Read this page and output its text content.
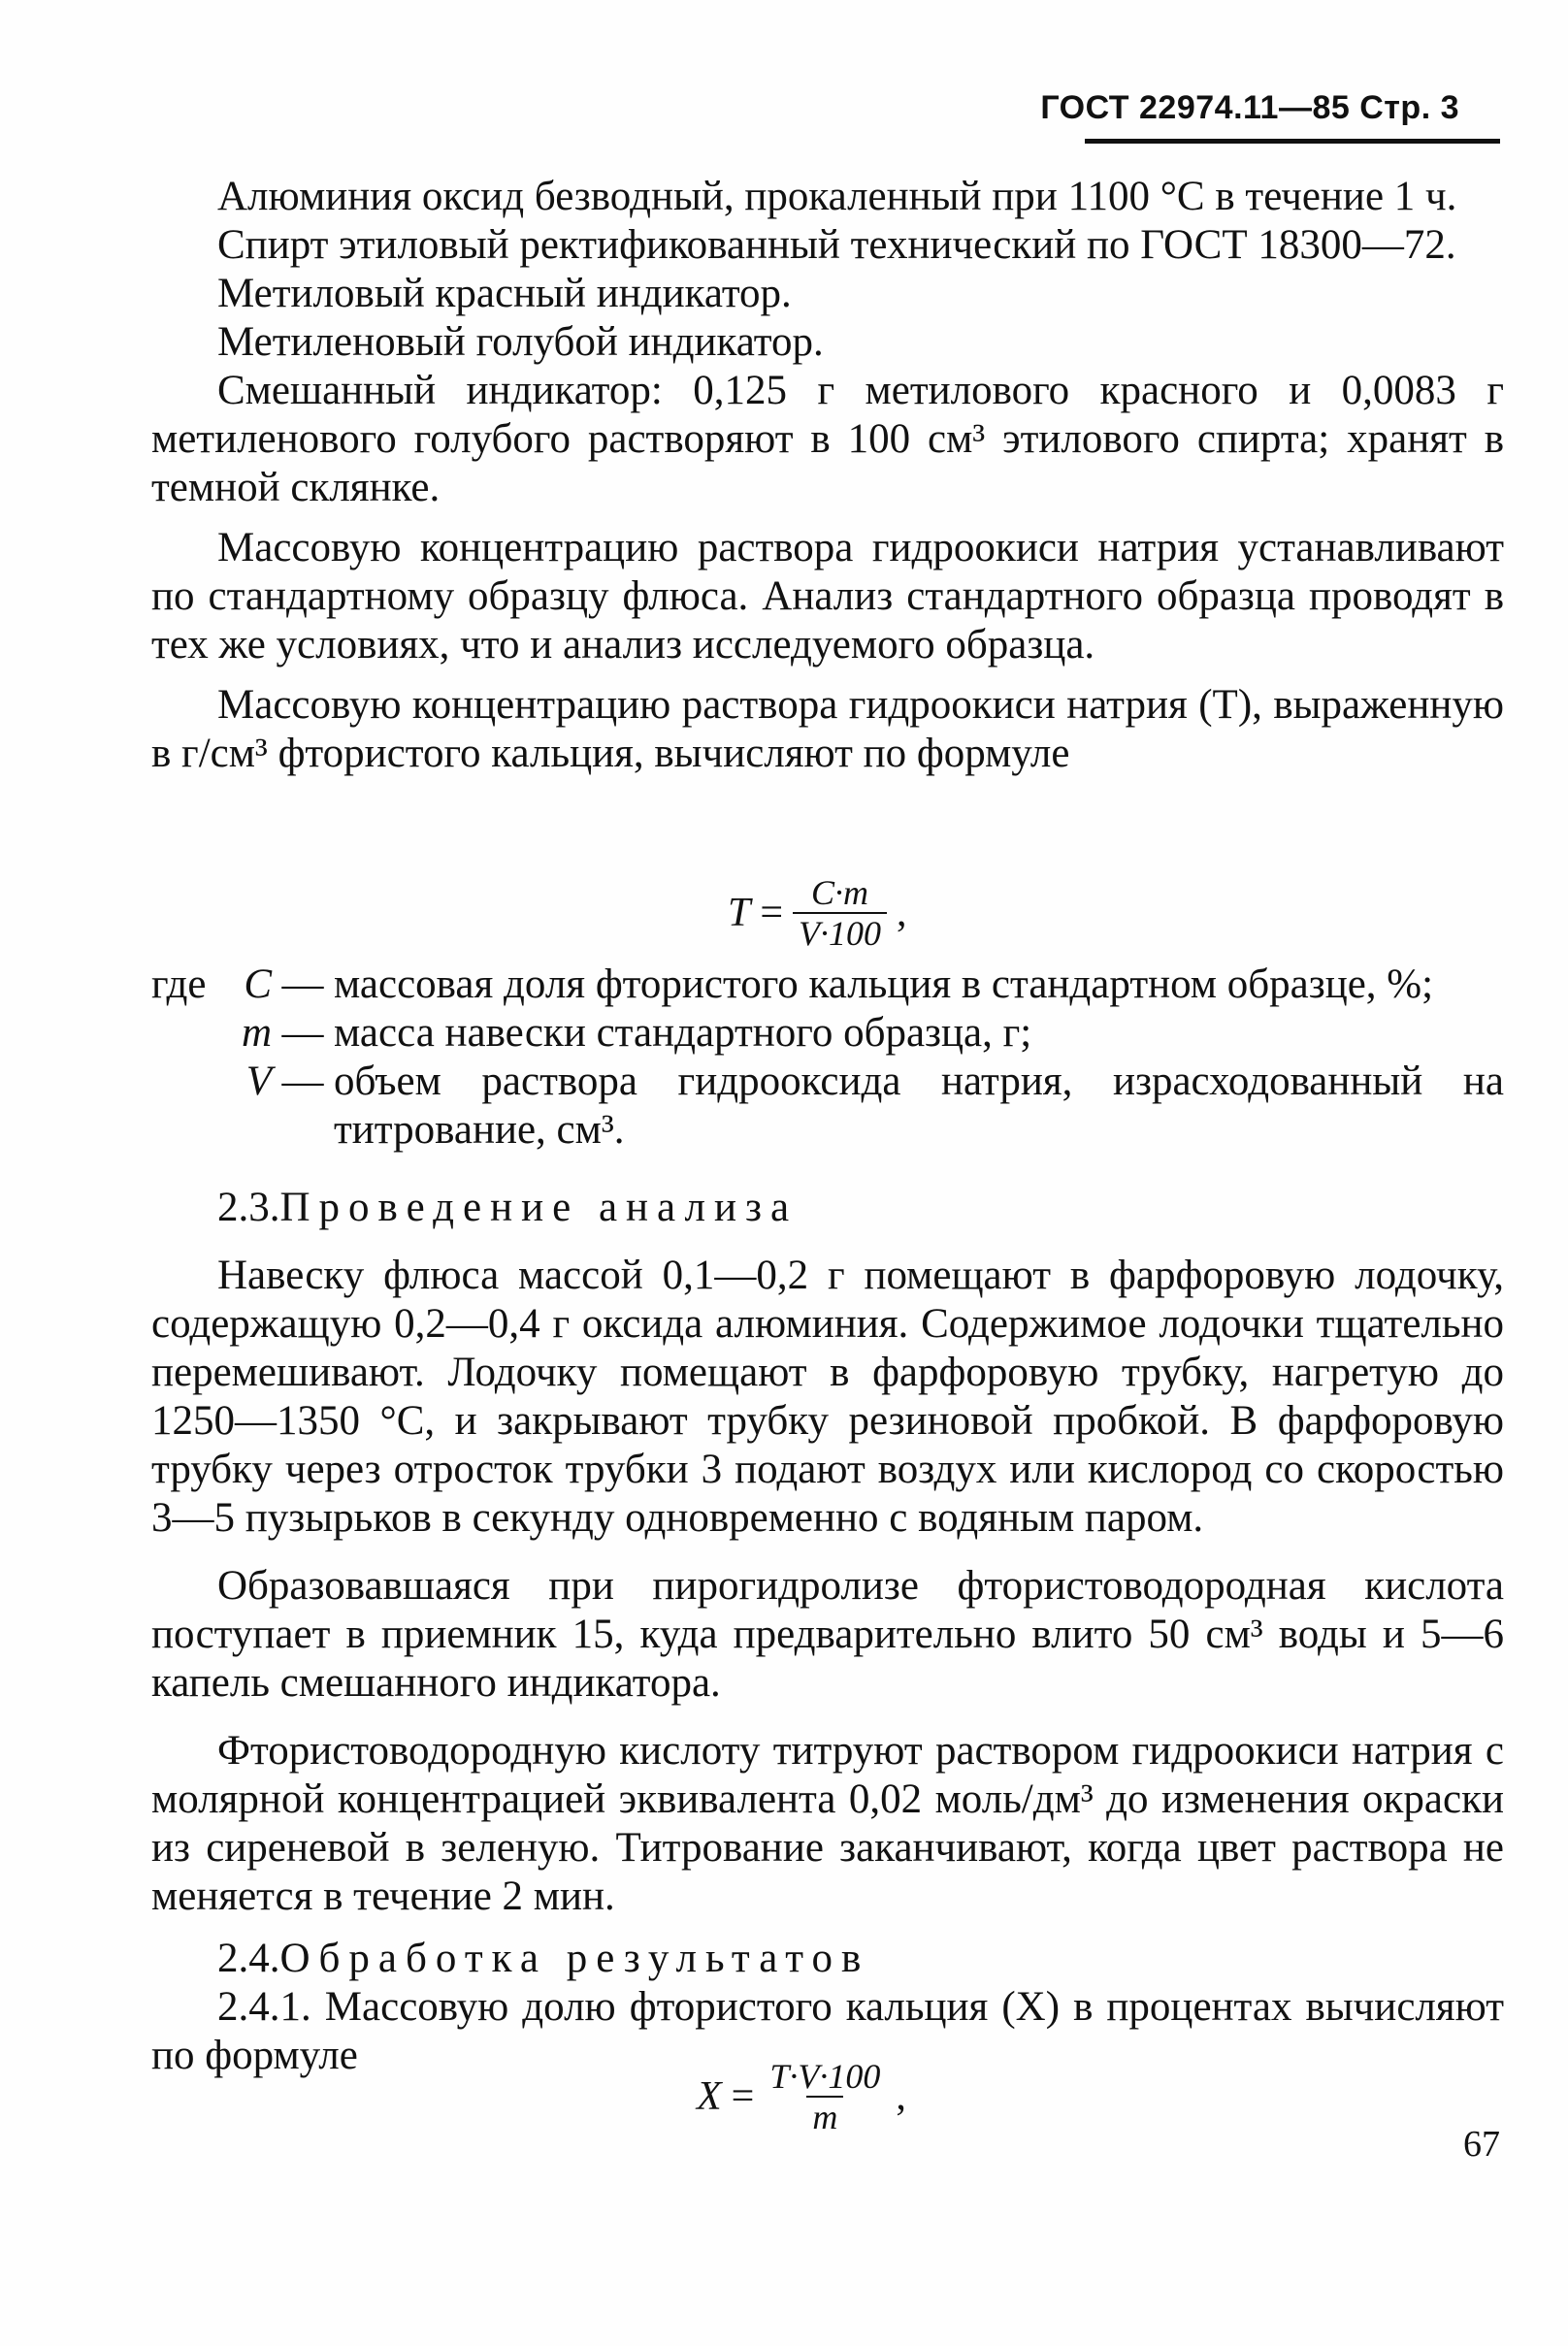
ГОСТ 22974.11—85 Стр. 3

Алюминия оксид безводный, прокаленный при 1100 °С в течение 1 ч.

Спирт этиловый ректификованный технический по ГОСТ 18300—72.

Метиловый красный индикатор.

Метиленовый голубой индикатор.

Смешанный индикатор: 0,125 г метилового красного и 0,0083 г метиленового голубого растворяют в 100 см³ этилового спирта; хранят в темной склянке.

Массовую концентрацию раствора гидроокиси натрия устанавливают по стандартному образцу флюса. Анализ стандартного образца проводят в тех же условиях, что и анализ исследуемого образца.

Массовую концентрацию раствора гидроокиси натрия (T), выраженную в г/см³ фтористого кальция, вычисляют по формуле

$T = \frac{C\cdot m}{V\cdot 100}$ ,
где C — массовая доля фтористого кальция в стандартном образце, %;
m — масса навески стандартного образца, г;
V — объем раствора гидрооксида натрия, израсходованный на титрование, см³.

2.3.Проведение анализа

Навеску флюса массой 0,1—0,2 г помещают в фарфоровую лодочку, содержащую 0,2—0,4 г оксида алюминия. Содержимое лодочки тщательно перемешивают. Лодочку помещают в фарфоровую трубку, нагретую до 1250—1350 °С, и закрывают трубку резиновой пробкой. В фарфоровую трубку через отросток трубки 3 подают воздух или кислород со скоростью 3—5 пузырьков в секунду одновременно с водяным паром.

Образовавшаяся при пирогидролизе фтористоводородная кислота поступает в приемник 15, куда предварительно влито 50 см³ воды и 5—6 капель смешанного индикатора.

Фтористоводородную кислоту титруют раствором гидроокиси натрия с молярной концентрацией эквивалента 0,02 моль/дм³ до изменения окраски из сиреневой в зеленую. Титрование заканчивают, когда цвет раствора не меняется в течение 2 мин.

2.4.Обработка результатов

2.4.1. Массовую долю фтористого кальция (X) в процентах вычисляют по формуле

$X = \frac{T\cdot V\cdot 100}{m}$ ,
67
